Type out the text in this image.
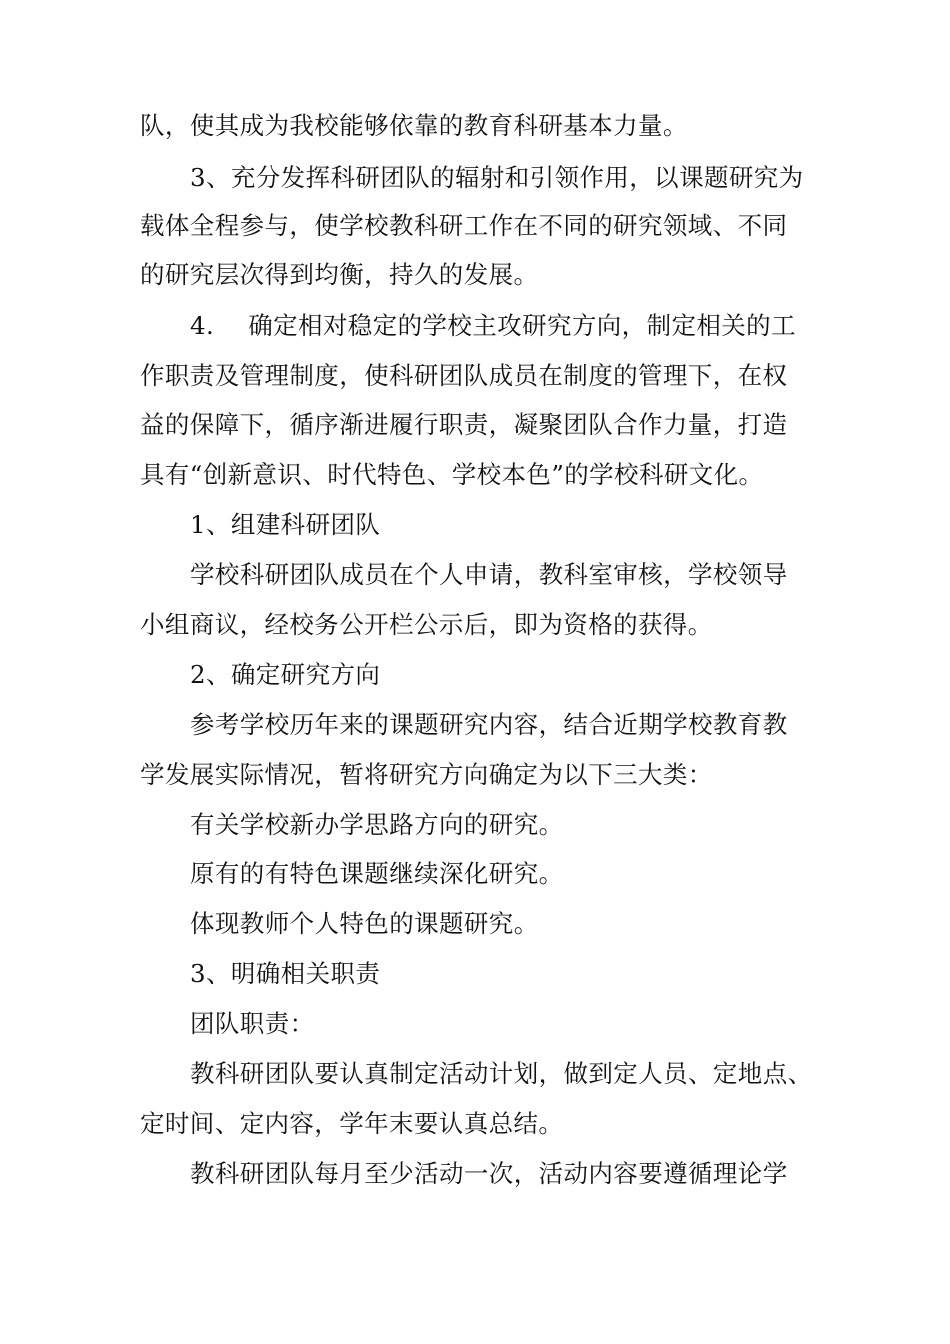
队，使其成为我校能够依靠的教育科研基本力量。
3、充分发挥科研团队的辐射和引领作用，以课题研究为
载体全程参与，使学校教科研工作在不同的研究领域、不同
的研究层次得到均衡，持久的发展。
4. 确定相对稳定的学校主攻研究方向，制定相关的工
作职责及管理制度，使科研团队成员在制度的管理下，在权
益的保障下，循序渐进履行职责，凝聚团队合作力量，打造
具有“创新意识、时代特色、学校本色”的学校科研文化。
1、组建科研团队
学校科研团队成员在个人申请，教科室审核，学校领导
小组商议，经校务公开栏公示后，即为资格的获得。
2、确定研究方向
参考学校历年来的课题研究内容，结合近期学校教育教
学发展实际情况，暂将研究方向确定为以下三大类：
有关学校新办学思路方向的研究。
原有的有特色课题继续深化研究。
体现教师个人特色的课题研究。
3、明确相关职责
团队职责：
教科研团队要认真制定活动计划，做到定人员、定地点、
定时间、定内容，学年末要认真总结。
教科研团队每月至少活动一次，活动内容要遵循理论学
